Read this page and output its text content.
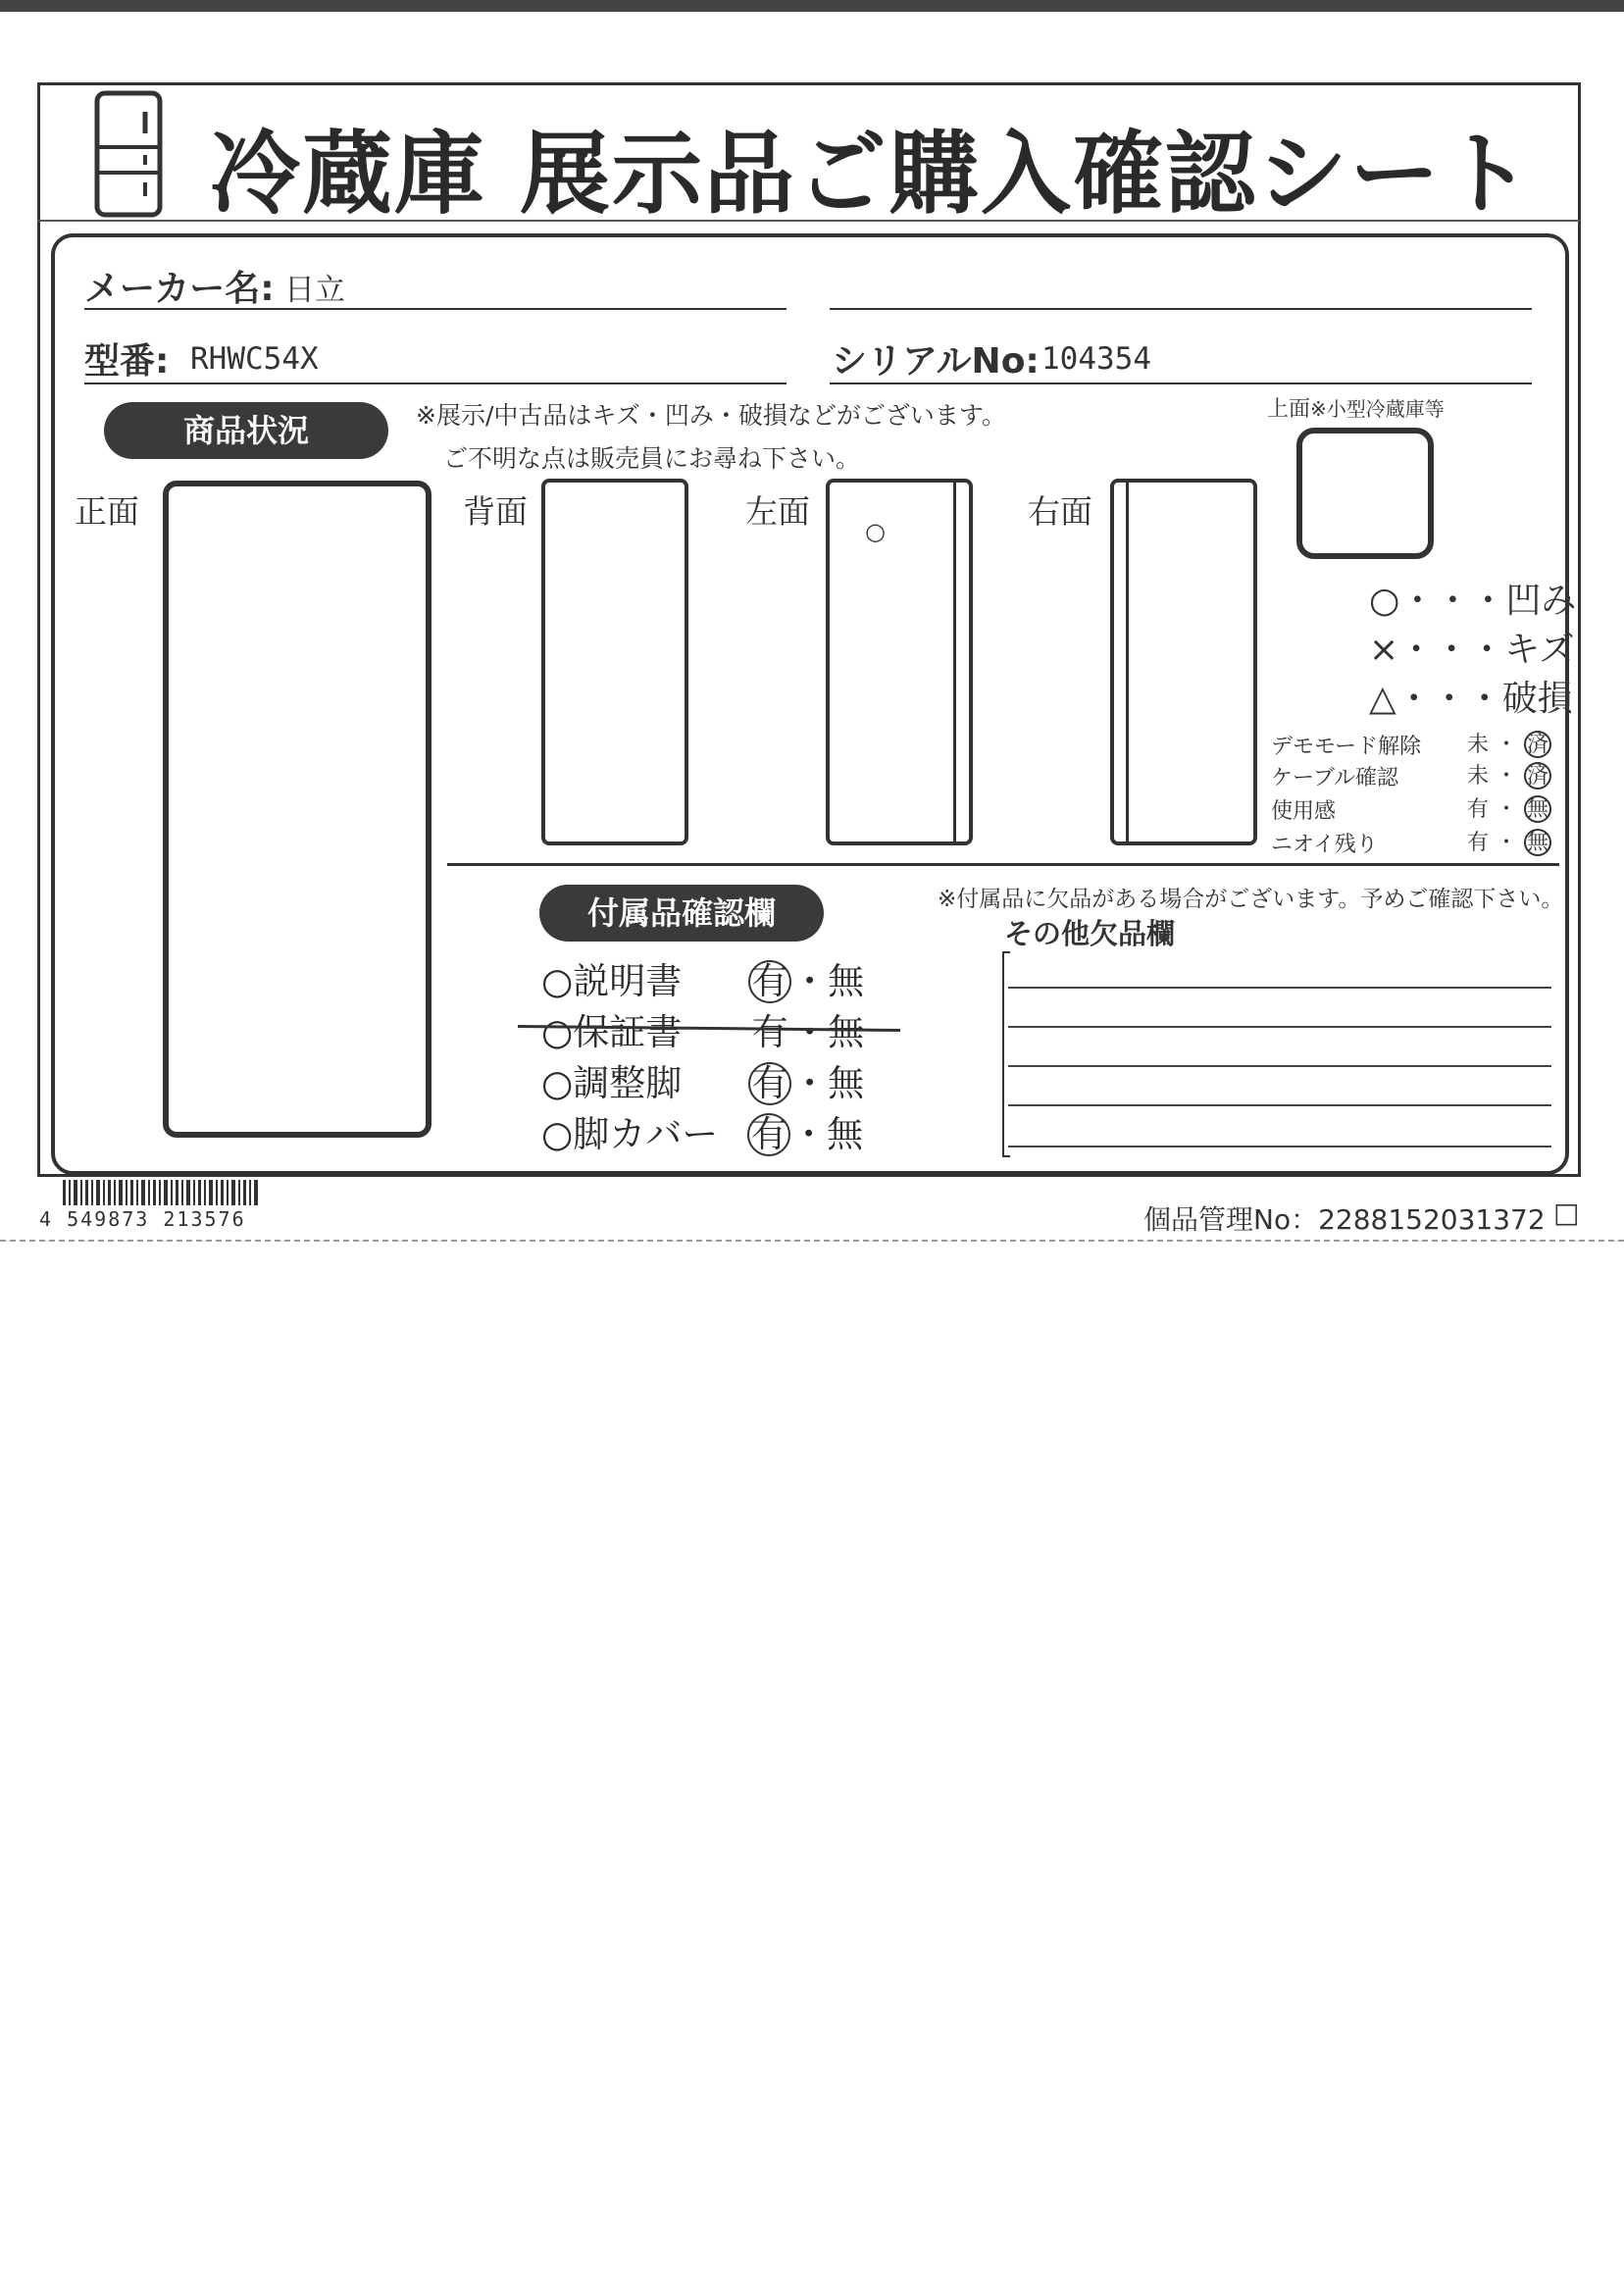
冷蔵庫 展示品ご購入確認シート
メーカー名: 日立
型番: RHWC54X	シリアルNo: 104354
商品状況	※展示/中古品はキズ・凹み・破損などがございます。
ご不明な点は販売員にお尋ね下さい。
正面	背面	左面
○
右面
上面※小型冷蔵庫等
○・・・凹み
×・・・キズ
△・・・破損
デモモード解除 未 ・ 済
ケーブル確認	未 ・ 済
使用感	有 ・ 無
ニオイ残り	有 ・ 無
付属品確認欄
○説明書 有・無
○保証書 有・無
○調整脚 有・無
○脚カバー 有・無
※付属品に欠品がある場合がございます。予めご確認下さい。
その他欠品欄
4 549873 213576	個品管理No：2288152031372 □
